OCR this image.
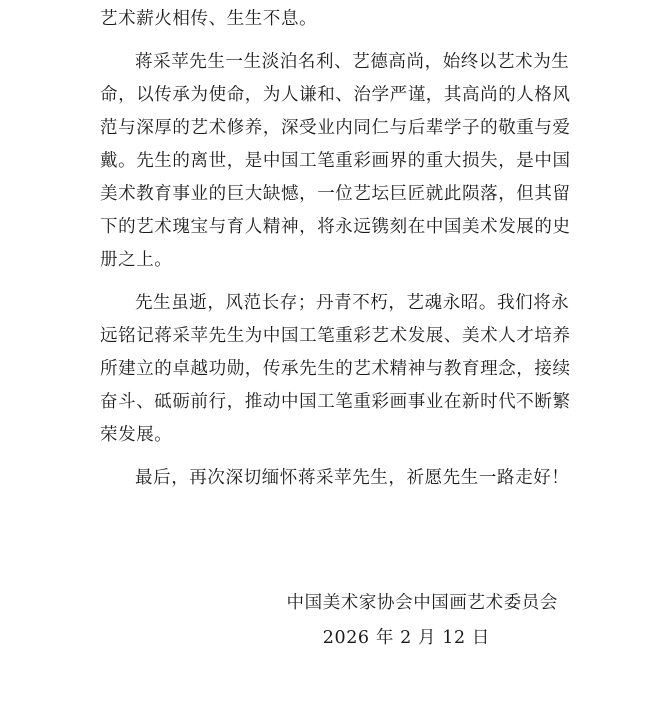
艺术薪火相传、生生不息。

蒋采苹先生一生淡泊名利、艺德高尚，始终以艺术为生
命，以传承为使命，为人谦和、治学严谨，其高尚的人格风
范与深厚的艺术修养，深受业内同仁与后辈学子的敬重与爱
戴。先生的离世，是中国工笔重彩画界的重大损失，是中国
美术教育事业的巨大缺憾，一位艺坛巨匠就此陨落，但其留
下的艺术瑰宝与育人精神，将永远镌刻在中国美术发展的史
册之上。

先生虽逝，风范长存；丹青不朽，艺魂永昭。我们将永
远铭记蒋采苹先生为中国工笔重彩艺术发展、美术人才培养
所建立的卓越功勋，传承先生的艺术精神与教育理念，接续
奋斗、砥砺前行，推动中国工笔重彩画事业在新时代不断繁
荣发展。

最后，再次深切缅怀蒋采苹先生，祈愿先生一路走好！

中国美术家协会中国画艺术委员会
2026 年 2 月 12 日
